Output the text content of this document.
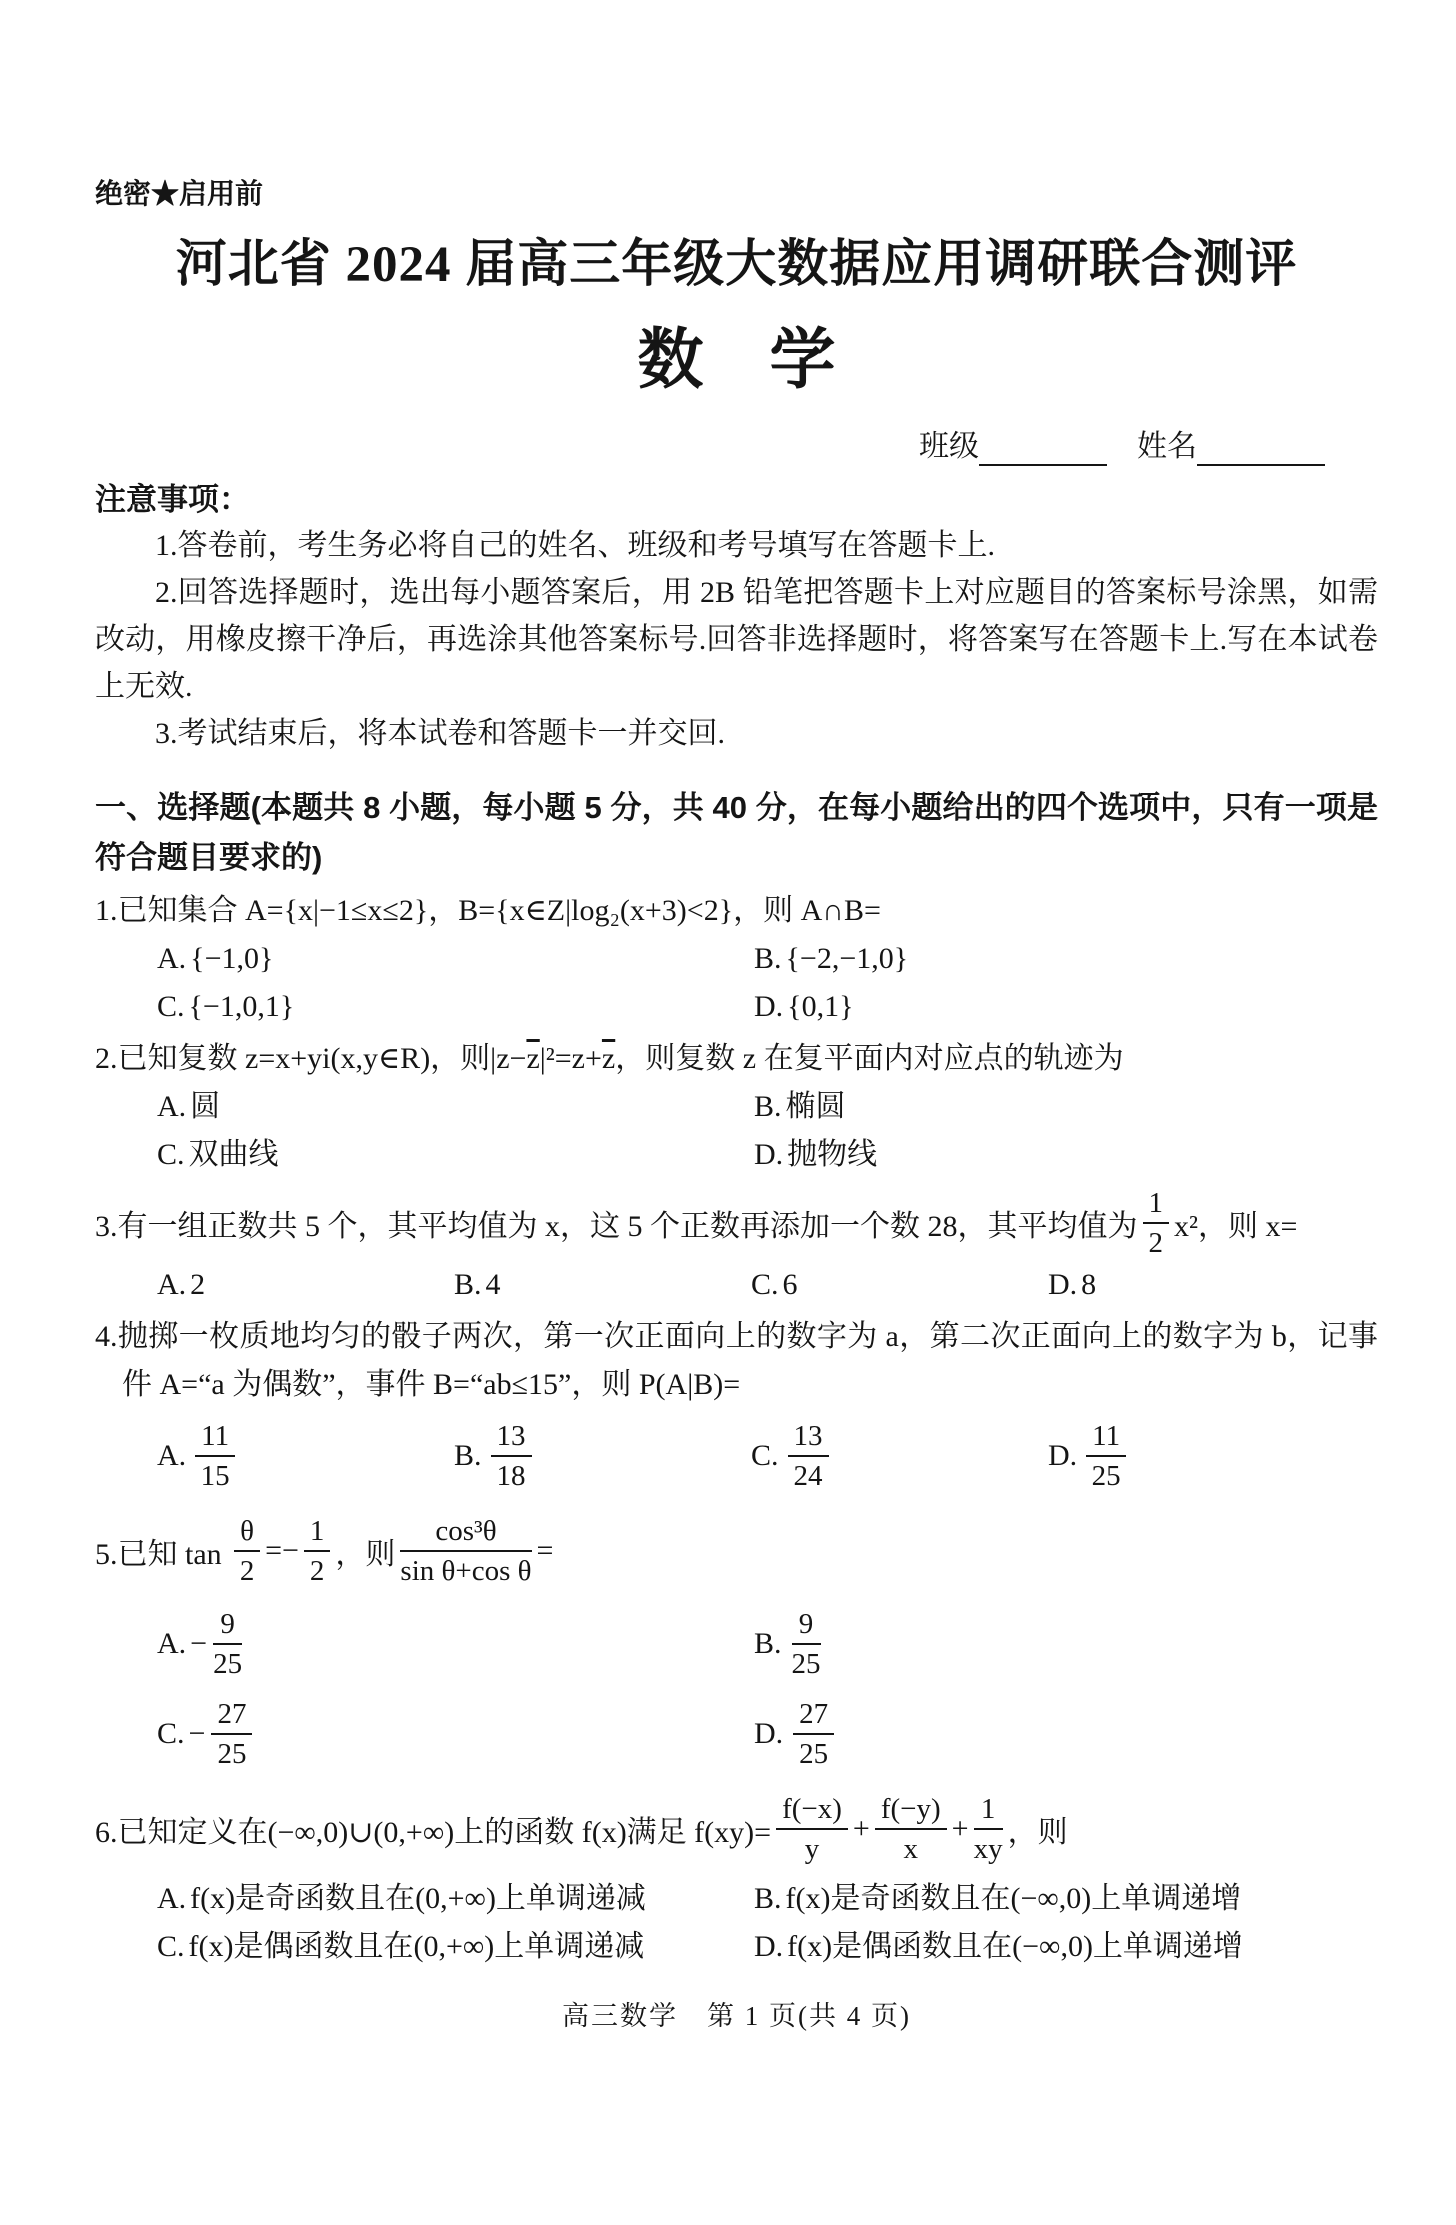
绝密★启用前
河北省 2024 届高三年级大数据应用调研联合测评
数　学
班级	姓名
注意事项：

1.答卷前，考生务必将自己的姓名、班级和考号填写在答题卡上.

2.回答选择题时，选出每小题答案后，用 2B 铅笔把答题卡上对应题目的答案标号涂黑，如需改动，用橡皮擦干净后，再选涂其他答案标号.回答非选择题时，将答案写在答题卡上.写在本试卷上无效.

3.考试结束后，将本试卷和答题卡一并交回.

一、选择题(本题共 8 小题，每小题 5 分，共 40 分，在每小题给出的四个选项中，只有一项是符合题目要求的)

1.已知集合 A={x|−1≤x≤2}，B={x∈Z|log₂(x+3)<2}，则 A∩B=

A. {−1,0}	B. {−2,−1,0}
C. {−1,0,1}	D. {0,1}

2.已知复数 z=x+yi(x,y∈R)，则$|z-\overline{z}|^2=z+\overline{z}$，则复数 z 在复平面内对应点的轨迹为

A. 圆	B. 椭圆
C. 双曲线	D. 抛物线
3.有一组正数共 5 个，其平均值为 x，这 5 个正数再添加一个数 28，其平均值为 $\frac{1}{2} x^2$，则 x=
A. 2	B. 4	C. 6	D. 8

4.抛掷一枚质地均匀的骰子两次，第一次正面向上的数字为 a，第二次正面向上的数字为 b，记事件 A=“a 为偶数”，事件 B=“ab≤15”，则 P(A|B)=

A. $\frac{11}{15}$	B. $\frac{13}{18}$	C. $\frac{13}{24}$	D. $\frac{11}{25}$
5.已知 $\tan \frac{\theta}{2} =- \frac{1}{2}$ ，则 $\frac{\text{cos³θ}}{\text{sin θ+cos θ}}$ =
A. − $\frac{9}{25}$	B. $\frac{9}{25}$
C. − $\frac{27}{25}$	D. $\frac{27}{25}$
6.已知定义在(−∞,0)∪(0,+∞)上的函数 f(x)满足 $f(xy)= \frac{f(-x)}{y} + \frac{f(-y)}{x} + \frac{1}{xy}$ ，则
A. f(x)是奇函数且在(0,+∞)上单调递减	B. f(x)是奇函数且在(−∞,0)上单调递增
C. f(x)是偶函数且在(0,+∞)上单调递减	D. f(x)是偶函数且在(−∞,0)上单调递增
高三数学　第 1 页(共 4 页)
